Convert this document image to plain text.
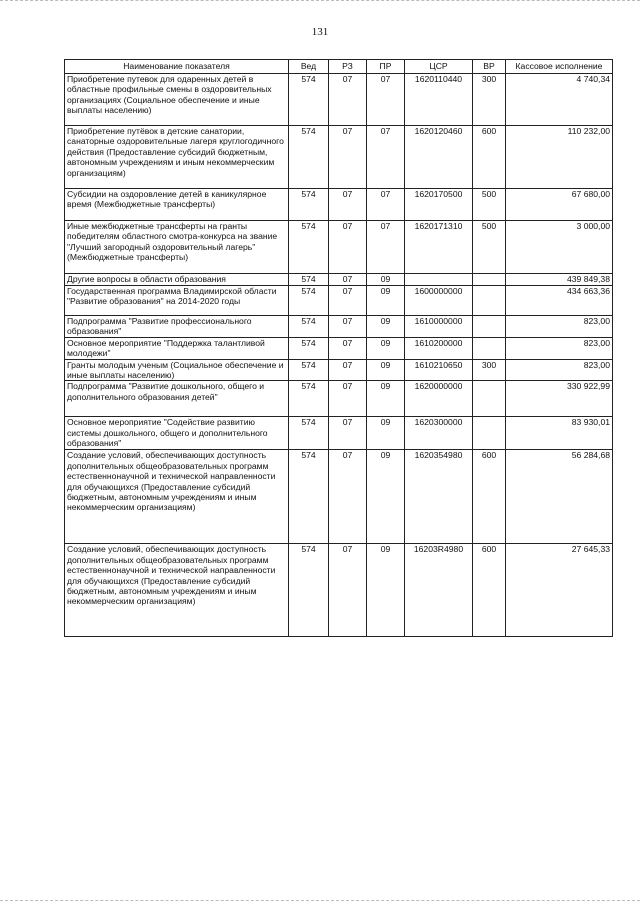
131
Наименование показателя	Вед	РЗ	ПР	ЦСР	ВР	Кассовое исполнение
Приобретение путевок для одаренных детей в областные профильные смены в оздоровительных организациях (Социальное обеспечение и иные выплаты населению)	574	07	07	1620110440	300	4 740,34
Приобретение путёвок в детские санатории, санаторные оздоровительные лагеря круглогодичного действия (Предоставление субсидий бюджетным, автономным учреждениям и иным некоммерческим организациям)	574	07	07	1620120460	600	110 232,00
Субсидии на оздоровление детей в каникулярное время (Межбюджетные трансферты)	574	07	07	1620170500	500	67 680,00
Иные межбюджетные трансферты на гранты победителям областного смотра-конкурса на звание "Лучший загородный оздоровительный лагерь" (Межбюджетные трансферты)	574	07	07	1620171310	500	3 000,00
Другие вопросы в области образования	574	07	09			439 849,38
Государственная программа Владимирской области "Развитие образования" на 2014-2020 годы	574	07	09	1600000000		434 663,36
Подпрограмма "Развитие профессионального образования"	574	07	09	1610000000		823,00
Основное мероприятие "Поддержка талантливой молодежи"	574	07	09	1610200000		823,00
Гранты молодым ученым (Социальное обеспечение и иные выплаты населению)	574	07	09	1610210650	300	823,00
Подпрограмма "Развитие дошкольного, общего и дополнительного образования детей"	574	07	09	1620000000		330 922,99
Основное мероприятие "Содействие развитию системы дошкольного, общего и дополнительного образования"	574	07	09	1620300000		83 930,01
Создание условий, обеспечивающих доступность дополнительных общеобразовательных программ естественнонаучной и технической направленности для обучающихся (Предоставление субсидий бюджетным, автономным учреждениям и иным некоммерческим организациям)	574	07	09	1620354980	600	56 284,68
Создание условий, обеспечивающих доступность дополнительных общеобразовательных программ естественнонаучной и технической направленности для обучающихся (Предоставление субсидий бюджетным, автономным учреждениям и иным некоммерческим организациям)	574	07	09	16203R4980	600	27 645,33
